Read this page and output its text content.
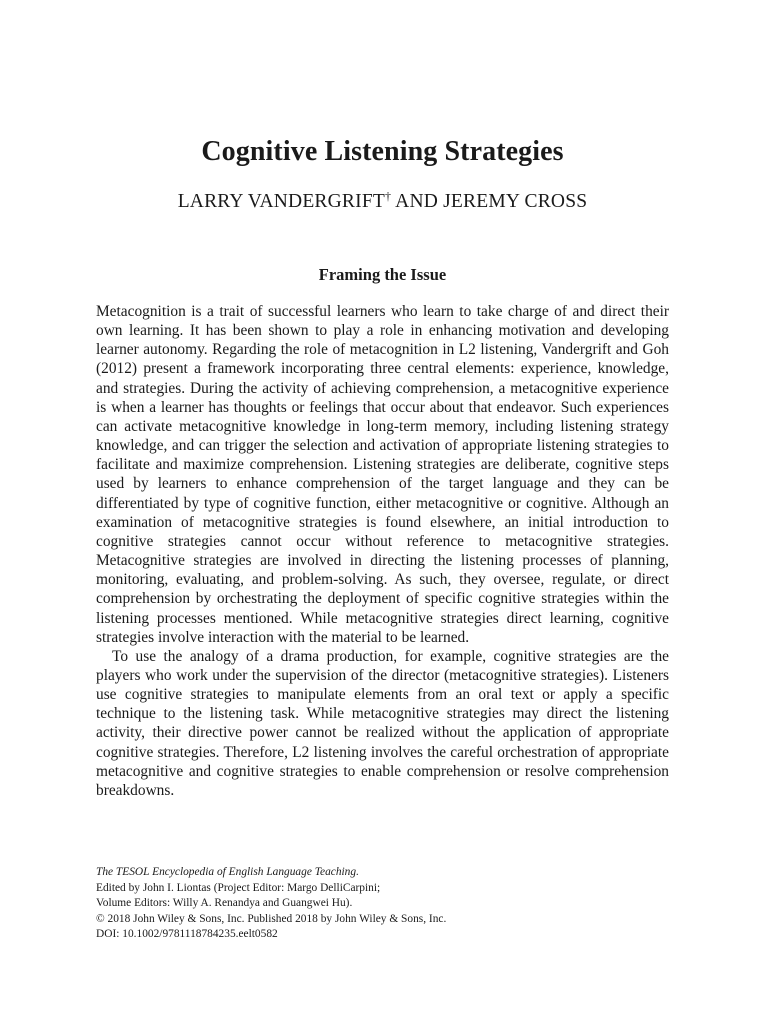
Cognitive Listening Strategies
LARRY VANDERGRIFT† AND JEREMY CROSS
Framing the Issue

Metacognition is a trait of successful learners who learn to take charge of and direct their own learning. It has been shown to play a role in enhancing motivation and developing learner autonomy. Regarding the role of metacognition in L2 listening, Vandergrift and Goh (2012) present a framework incorporating three central elements: experience, knowledge, and strategies. During the activity of achieving comprehension, a metacognitive experience is when a learner has thoughts or feelings that occur about that endeavor. Such experiences can activate metacognitive knowledge in long-term memory, including listening strategy knowledge, and can trigger the selection and activation of appropriate listening strategies to facilitate and maximize comprehension. Listening strategies are deliberate, cognitive steps used by learners to enhance comprehension of the target language and they can be differentiated by type of cognitive function, either metacognitive or cognitive. Although an examination of metacognitive strategies is found elsewhere, an initial introduction to cognitive strategies cannot occur without reference to metacognitive strategies. Metacognitive strategies are involved in directing the listening processes of planning, monitoring, evaluating, and problem-solving. As such, they oversee, regulate, or direct comprehension by orchestrating the deployment of specific cognitive strategies within the listening processes mentioned. While metacognitive strategies direct learning, cognitive strategies involve interaction with the material to be learned.

To use the analogy of a drama production, for example, cognitive strategies are the players who work under the supervision of the director (metacognitive strategies). Listeners use cognitive strategies to manipulate elements from an oral text or apply a specific technique to the listening task. While metacognitive strategies may direct the listening activity, their directive power cannot be realized without the application of appropriate cognitive strategies. Therefore, L2 listening involves the careful orchestration of appropriate metacognitive and cognitive strategies to enable comprehension or resolve comprehension breakdowns.

The TESOL Encyclopedia of English Language Teaching.
Edited by John I. Liontas (Project Editor: Margo DelliCarpini;
Volume Editors: Willy A. Renandya and Guangwei Hu).
© 2018 John Wiley & Sons, Inc. Published 2018 by John Wiley & Sons, Inc.
DOI: 10.1002/9781118784235.eelt0582
